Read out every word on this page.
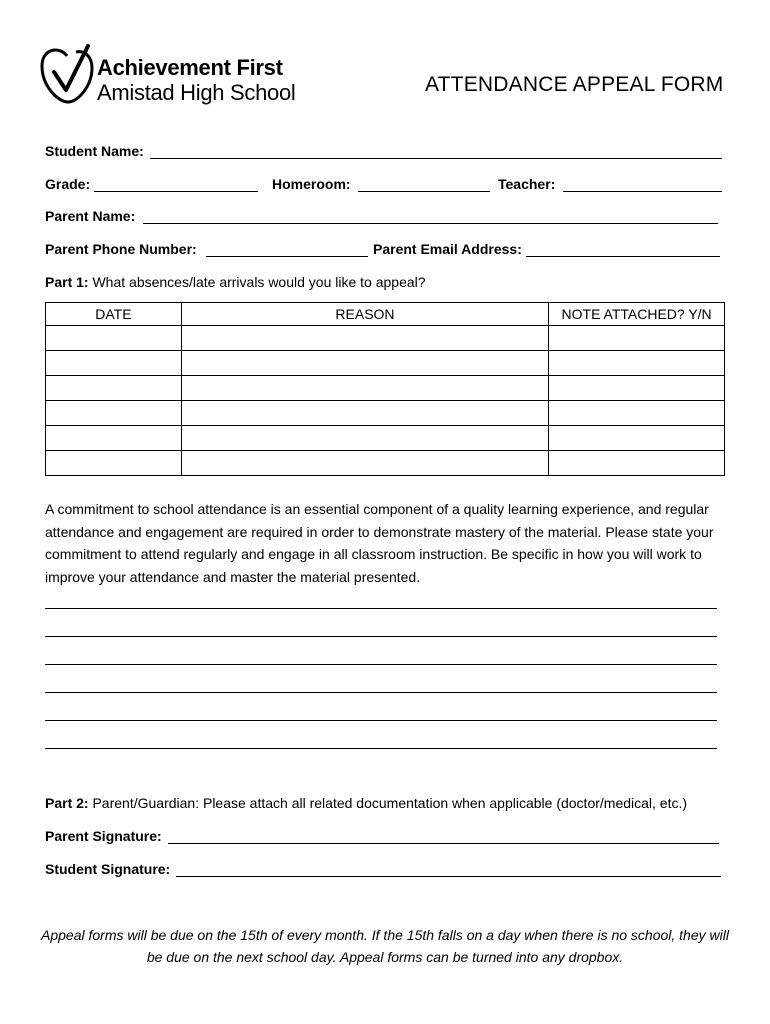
Achievement First
Amistad High School	ATTENDANCE APPEAL FORM
Student Name:
Grade:	Homeroom:	Teacher:
Parent Name:
Parent Phone Number:	Parent Email Address:
Part 1: What absences/late arrivals would you like to appeal?
DATE	REASON	NOTE ATTACHED? Y/N

A commitment to school attendance is an essential component of a quality learning experience, and regular attendance and engagement are required in order to demonstrate mastery of the material. Please state your commitment to attend regularly and engage in all classroom instruction. Be specific in how you will work to improve your attendance and master the material presented.
Part 2: Parent/Guardian: Please attach all related documentation when applicable (doctor/medical, etc.)
Parent Signature:
Student Signature:
Appeal forms will be due on the 15th of every month. If the 15th falls on a day when there is no school, they will be due on the next school day. Appeal forms can be turned into any dropbox.
